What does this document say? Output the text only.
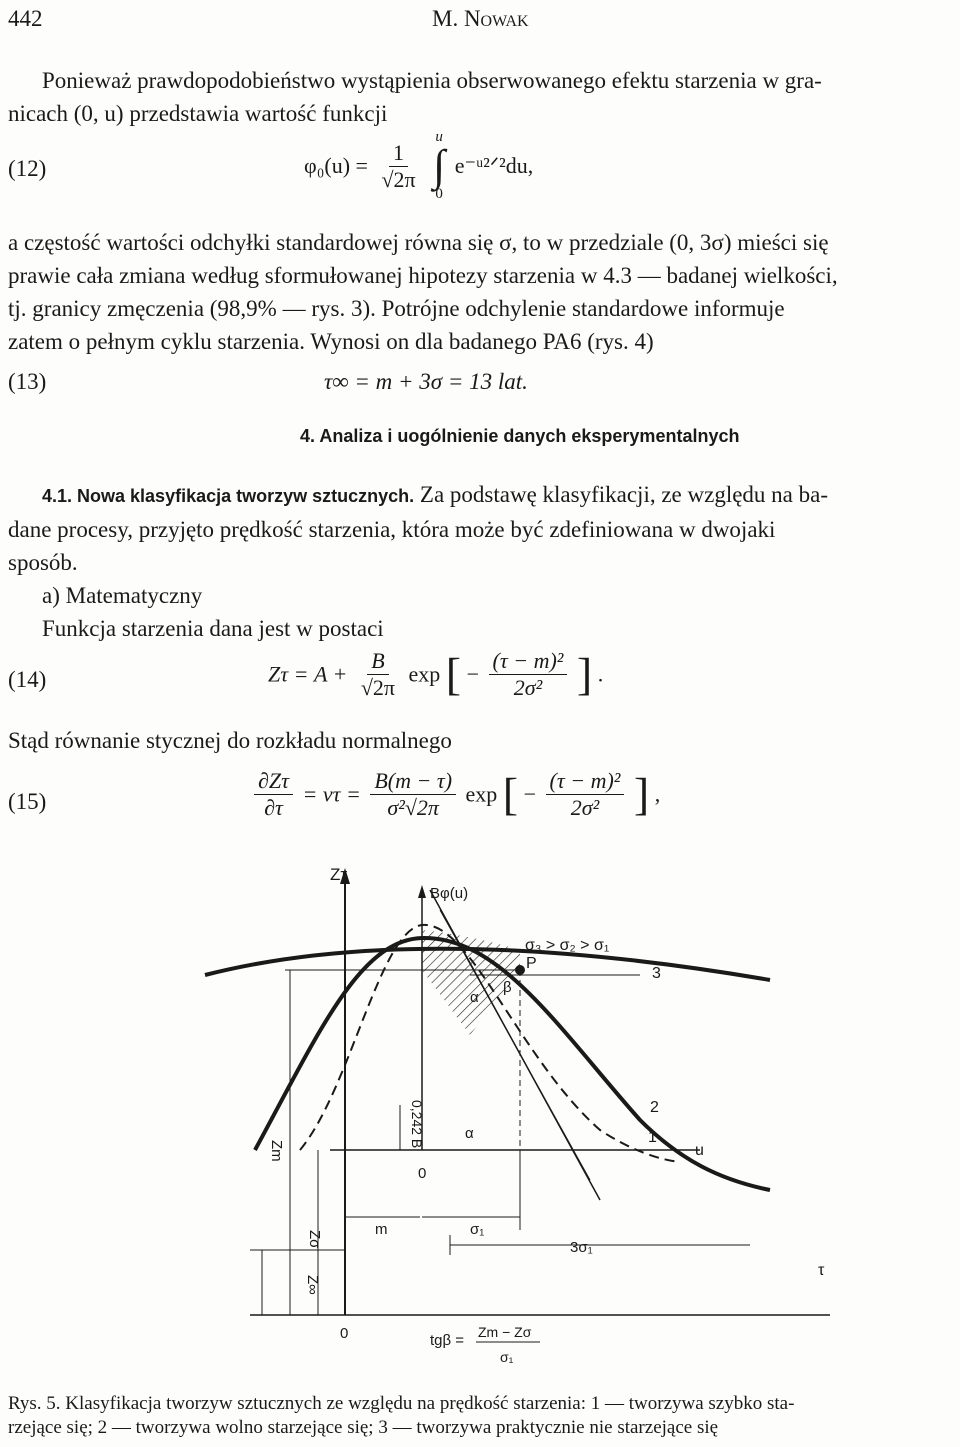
442	M. Nowak
Ponieważ prawdopodobieństwo wystąpienia obserwowanego efektu starzenia w gra-
nicach (0, u) przedstawia wartość funkcji
(12)	$\varphi_0(u) = \frac{1}{√2\pi}$

u
∫
0
e⁻ᵘ²ᐟ²du,
a częstość wartości odchyłki standardowej równa się σ, to w przedziale (0, 3σ) mieści się
prawie cała zmiana według sformułowanej hipotezy starzenia w 4.3 — badanej wielkości,
tj. granicy zmęczenia (98,9% — rys. 3). Potrójne odchylenie standardowe informuje
zatem o pełnym cyklu starzenia. Wynosi on dla badanego PA6 (rys. 4)
(13)	τ∞ = m + 3σ = 13 lat.
4. Analiza i uogólnienie danych eksperymentalnych
4.1. Nowa klasyfikacja tworzyw sztucznych. Za podstawę klasyfikacji, ze względu na ba-
dane procesy, przyjęto prędkość starzenia, która może być zdefiniowana w dwojaki
sposób.
a) Matematyczny
Funkcja starzenia dana jest w postaci
(14)	$Z\tau = A + \frac{B}{√2\pi}$ exp [ − $\frac{\text{(τ − m)²}}{\text{2σ²}}$ ] .
Stąd równanie stycznej do rozkładu normalnego
(15)	$\frac{\partial Z\tau}{\partial\tau} = v\tau = \frac{B(m - \tau)}{\text{σ²√2π}}$ exp [ − $\frac{\text{(τ − m)²}}{\text{2σ²}}$ ] ,
Zτ
Bφ(u)
τ
u
σ₃ > σ₂ > σ₁
3
2
1
P
α
α
β
Zm
Zσ
Z∞
0,242 B
m	σ₁
3σ₁
0
0
tgβ = Zm − Zσ
σ₁
Rys. 5. Klasyfikacja tworzyw sztucznych ze względu na prędkość starzenia: 1 — tworzywa szybko sta-
rzejące się; 2 — tworzywa wolno starzejące się; 3 — tworzywa praktycznie nie starzejące się
